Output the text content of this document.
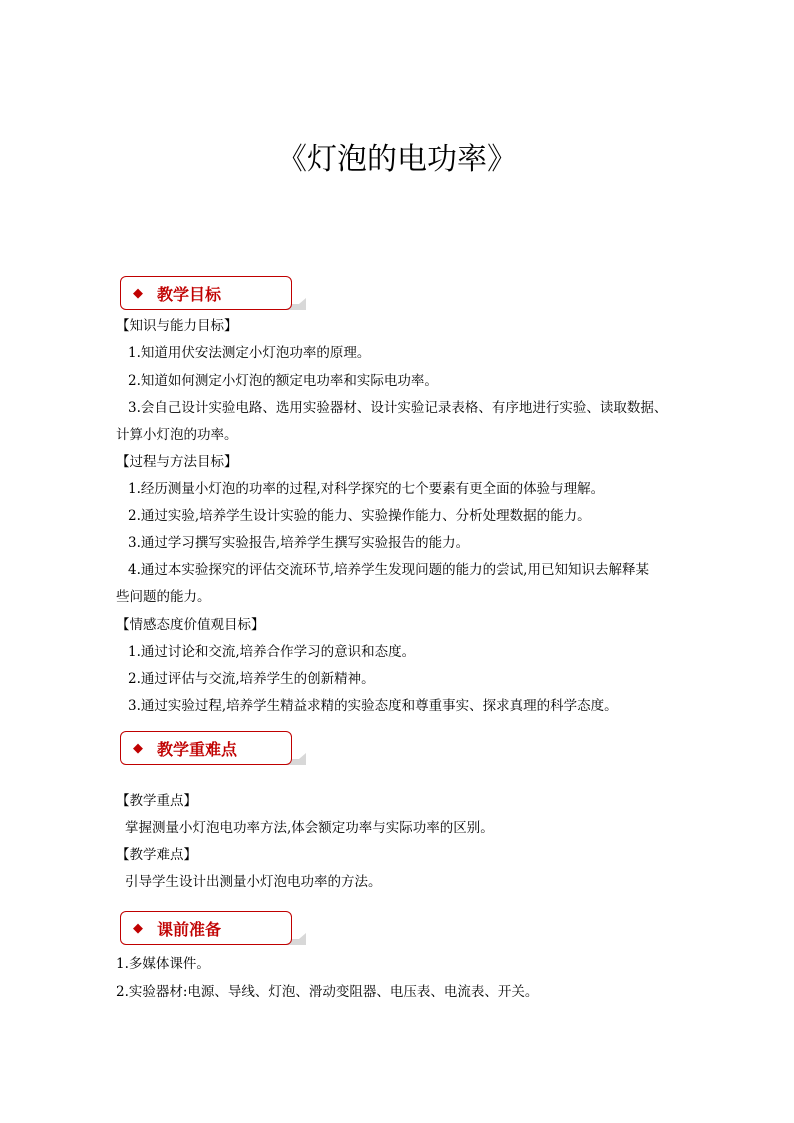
《灯泡的电功率》
◆ 教学目标
【知识与能力目标】
1.知道用伏安法测定小灯泡功率的原理。
2.知道如何测定小灯泡的额定电功率和实际电功率。
3.会自己设计实验电路、选用实验器材、设计实验记录表格、有序地进行实验、读取数据、
计算小灯泡的功率。
【过程与方法目标】
1.经历测量小灯泡的功率的过程,对科学探究的七个要素有更全面的体验与理解。
2.通过实验,培养学生设计实验的能力、实验操作能力、分析处理数据的能力。
3.通过学习撰写实验报告,培养学生撰写实验报告的能力。
4.通过本实验探究的评估交流环节,培养学生发现问题的能力的尝试,用已知知识去解释某
些问题的能力。
【情感态度价值观目标】
1.通过讨论和交流,培养合作学习的意识和态度。
2.通过评估与交流,培养学生的创新精神。
3.通过实验过程,培养学生精益求精的实验态度和尊重事实、探求真理的科学态度。
◆ 教学重难点
【教学重点】
掌握测量小灯泡电功率方法,体会额定功率与实际功率的区别。
【教学难点】
引导学生设计出测量小灯泡电功率的方法。
◆ 课前准备
1.多媒体课件。
2.实验器材:电源、导线、灯泡、滑动变阻器、电压表、电流表、开关。
